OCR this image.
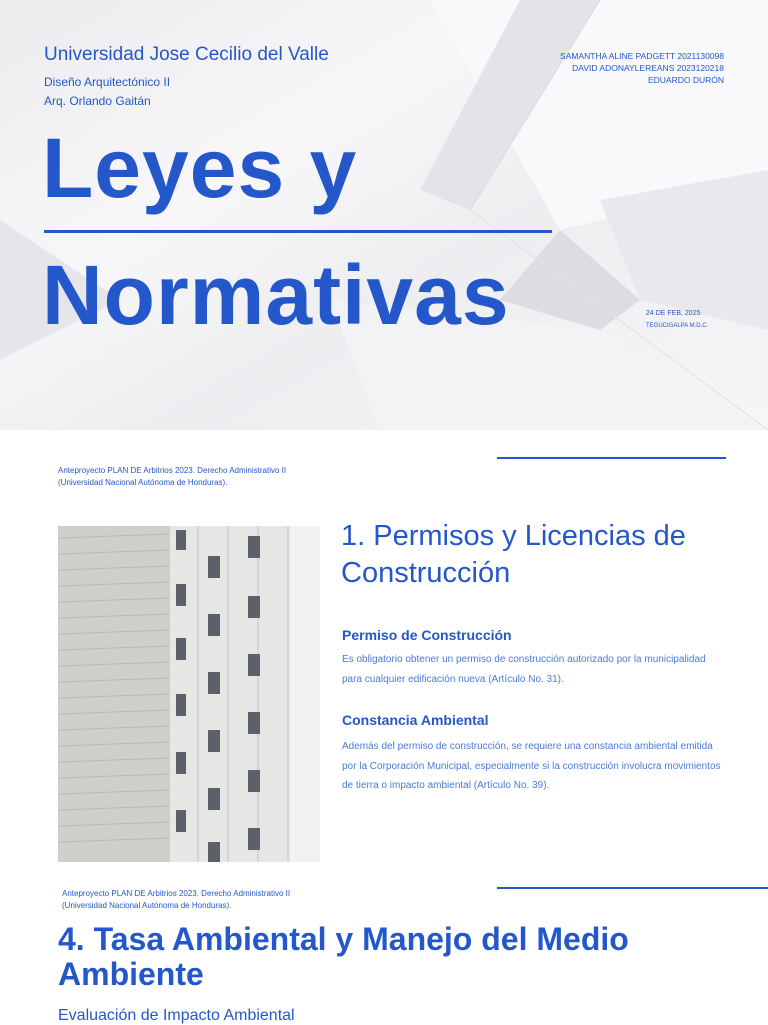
Universidad Jose Cecilio del Valle
Diseño Arquitectónico II
Arq. Orlando Gaitán
SAMANTHA ALINE PADGETT 2021130098
DAVID ADONAYLEREANS 2023120218
EDUARDO DURÓN
Leyes y
Normativas	24 DE FEB, 2025
TEGUCIGALPA M.D.C.
Anteproyecto PLAN DE Arbitrios 2023. Derecho Administrativo II
(Universidad Nacional Autónoma de Honduras).
1. Permisos y Licencias de Construcción
Permiso de Construcción
Es obligatorio obtener un permiso de construcción autorizado por la municipalidad para cualquier edificación nueva (Artículo No. 31).
Constancia Ambiental
Además del permiso de construcción, se requiere una constancia ambiental emitida por la Corporación Municipal, especialmente si la construcción involucra movimientos de tierra o impacto ambiental (Artículo No. 39).
Anteproyecto PLAN DE Arbitrios 2023. Derecho Administrativo II
(Universidad Nacional Autónoma de Honduras).
4. Tasa Ambiental y Manejo del Medio Ambiente
Evaluación de Impacto Ambiental
